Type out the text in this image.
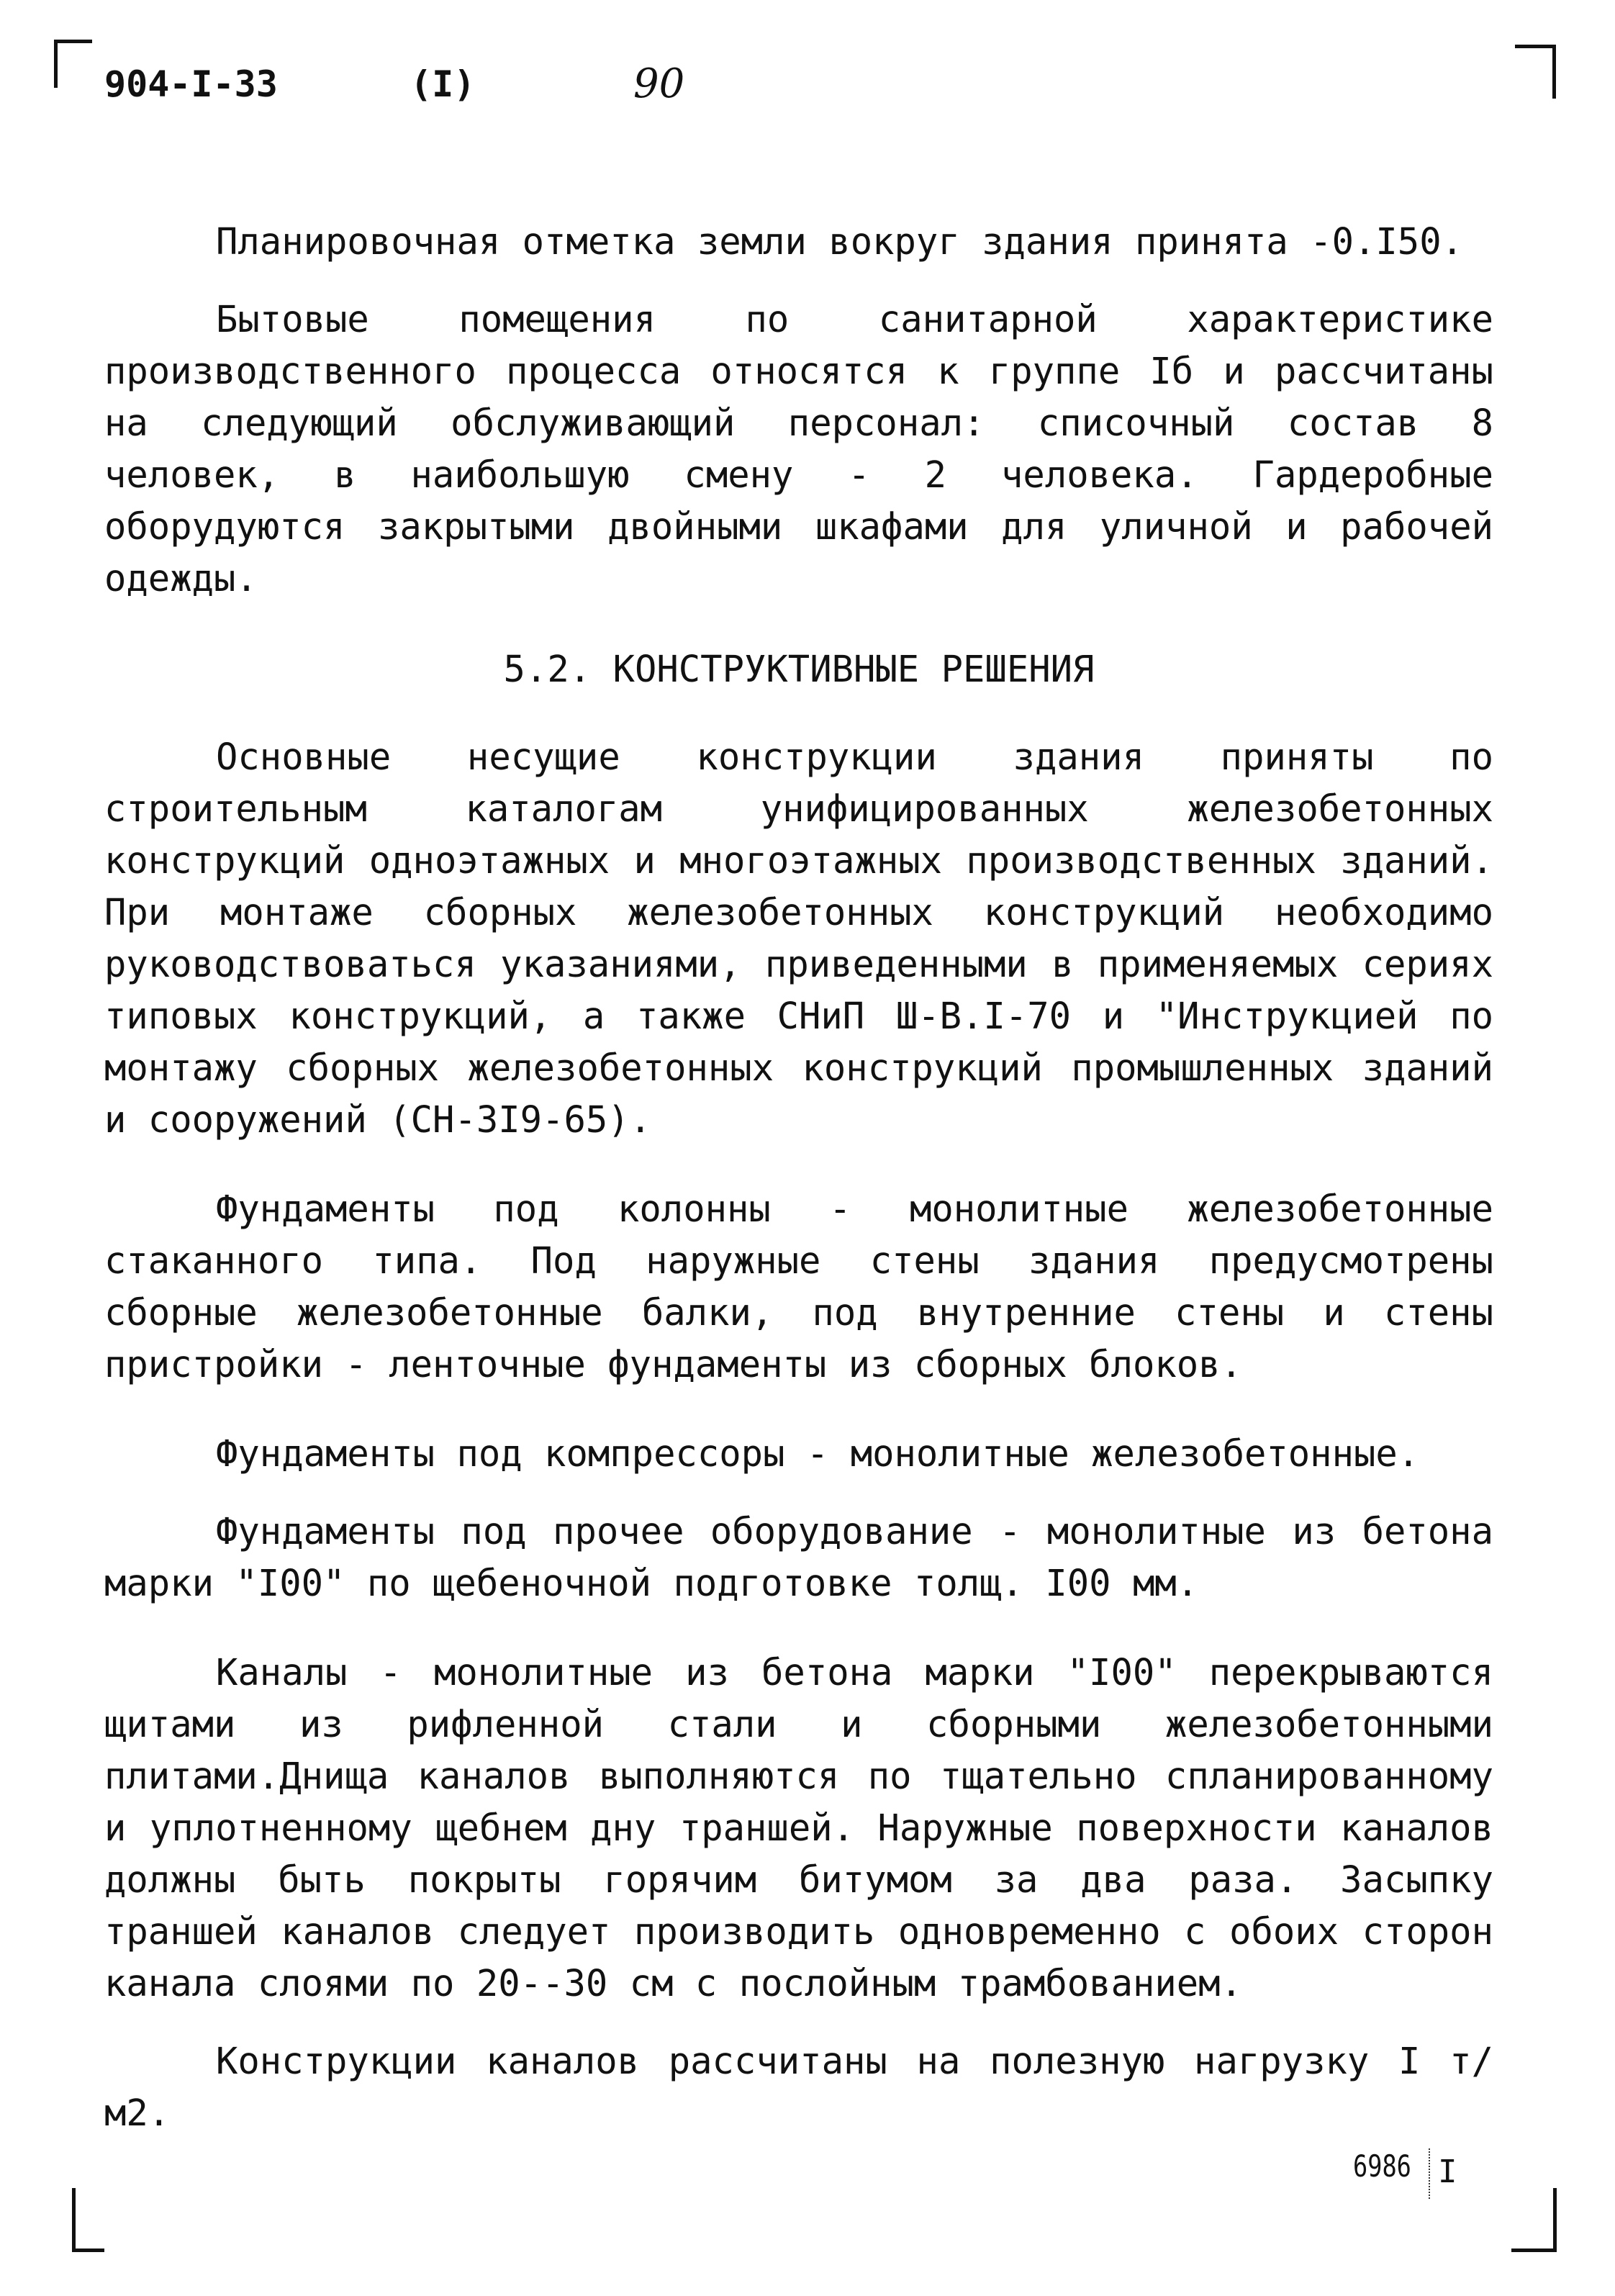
904-I-33	(I)	90

Планировочная отметка земли вокруг здания принята -0.I50.

Бытовые помещения по санитарной характеристике производственного процесса относятся к группе Iб и рассчитаны на следующий обслуживающий персонал: списочный состав 8 человек, в наибольшую смену - 2 человека. Гардеробные оборудуются закрытыми двойными шкафами для уличной и рабочей одежды.

5.2. КОНСТРУКТИВНЫЕ РЕШЕНИЯ

Основные несущие конструкции здания приняты по строительным каталогам унифицированных железобетонных конструкций одноэтажных и многоэтажных производственных зданий. При монтаже сборных железобетонных конструкций необходимо руководствоваться указаниями, приведенными в применяемых сериях типовых конструкций, а также СНиП Ш-В.I-70 и "Инструкцией по монтажу сборных железобетонных конструкций промышленных зданий и сооружений (СН-3I9-65).

Фундаменты под колонны - монолитные железобетонные стаканного типа. Под наружные стены здания предусмотрены сборные железобетонные балки, под внутренние стены и стены пристройки - ленточные фундаменты из сборных блоков.

Фундаменты под компрессоры - монолитные железобетонные.

Фундаменты под прочее оборудование - монолитные из бетона марки "I00" по щебеночной подготовке толщ. I00 мм.

Каналы - монолитные из бетона марки "I00" перекрываются щитами из рифленной стали и сборными железобетонными плитами.Днища каналов выполняются по тщательно спланированному и уплотненному щебнем дну траншей. Наружные поверхности каналов должны быть покрыты горячим битумом за два раза. Засыпку траншей каналов следует производить одновременно с обоих сторон канала слоями по 20--30 см с послойным трамбованием.

Конструкции каналов рассчитаны на полезную нагрузку I т/м2.

6986 I
